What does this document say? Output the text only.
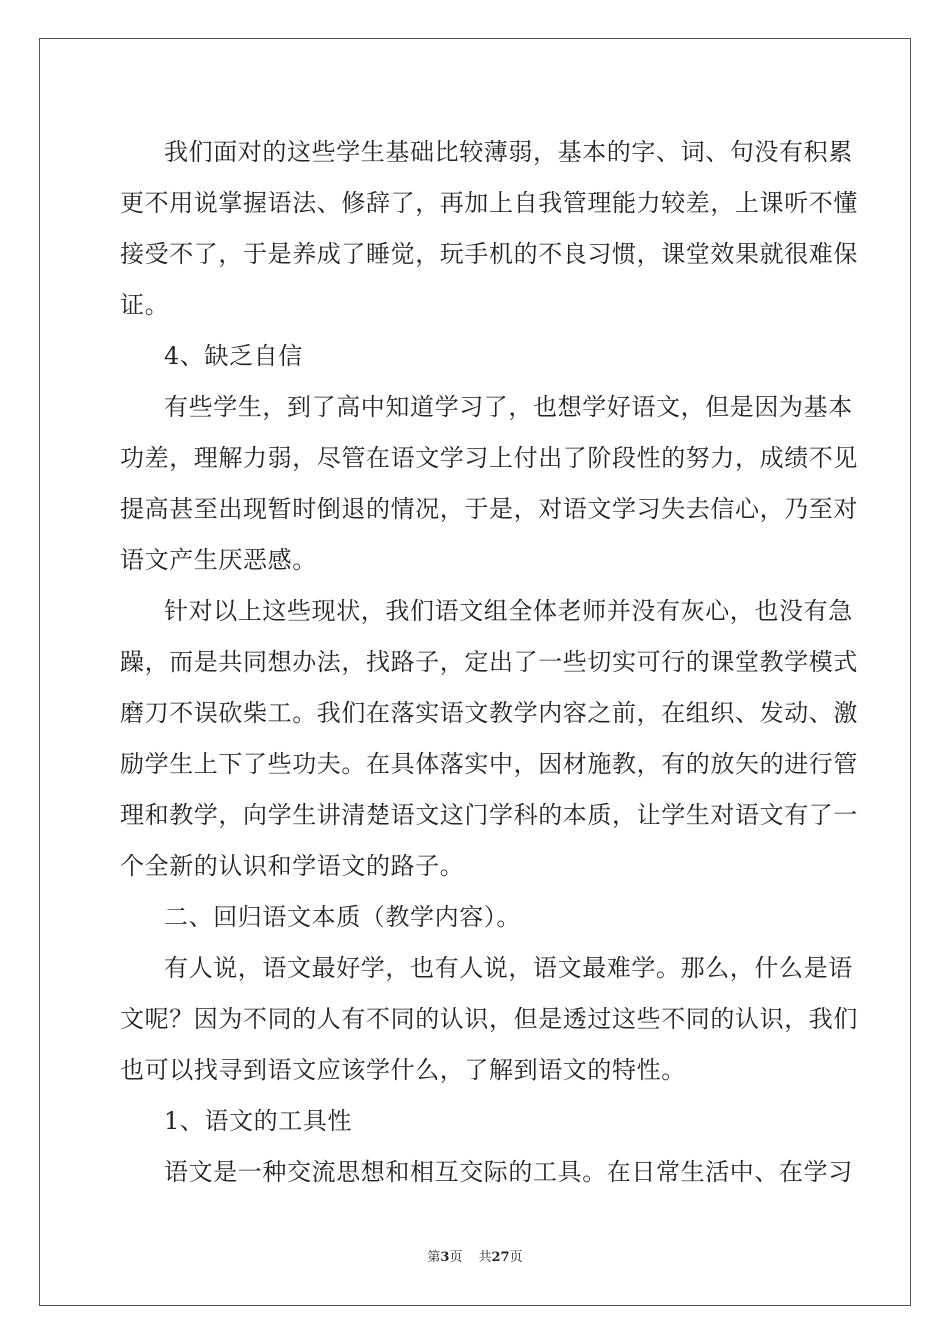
我们面对的这些学生基础比较薄弱，基本的字、词、句没有积累
更不用说掌握语法、修辞了，再加上自我管理能力较差，上课听不懂
接受不了，于是养成了睡觉，玩手机的不良习惯，课堂效果就很难保
证。
4、缺乏自信
有些学生，到了高中知道学习了，也想学好语文，但是因为基本
功差，理解力弱，尽管在语文学习上付出了阶段性的努力，成绩不见
提高甚至出现暂时倒退的情况，于是，对语文学习失去信心，乃至对
语文产生厌恶感。
针对以上这些现状，我们语文组全体老师并没有灰心，也没有急
躁，而是共同想办法，找路子，定出了一些切实可行的课堂教学模式
磨刀不误砍柴工。我们在落实语文教学内容之前，在组织、发动、激
励学生上下了些功夫。在具体落实中，因材施教，有的放矢的进行管
理和教学，向学生讲清楚语文这门学科的本质，让学生对语文有了一
个全新的认识和学语文的路子。
二、回归语文本质（教学内容）。
有人说，语文最好学，也有人说，语文最难学。那么，什么是语
文呢？因为不同的人有不同的认识，但是透过这些不同的认识，我们
也可以找寻到语文应该学什么，了解到语文的特性。
1、语文的工具性
语文是一种交流思想和相互交际的工具。在日常生活中、在学习
第3页 共27页
